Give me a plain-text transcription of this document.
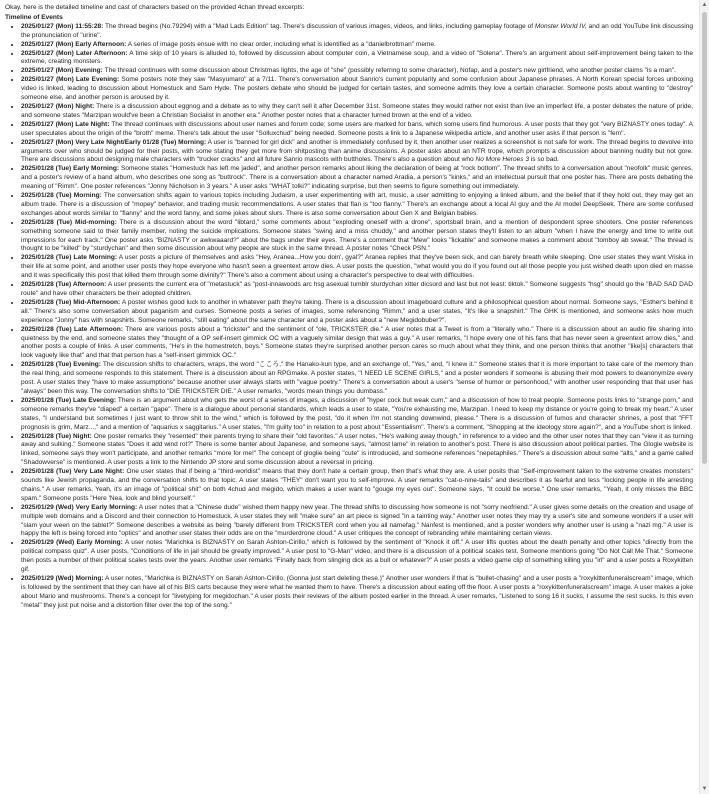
Okay, here is the detailed timeline and cast of characters based on the provided 4chan thread excerpts:

Timeline of Events

• 2025/01/27 (Mon) 11:55:28: The thread begins (No.79294) with a "Mad Lads Edition" tag. There's discussion of various images, videos, and links, including gameplay footage of Monster World IV, and an odd YouTube link discussing the pronunciation of "urine".
• 2025/01/27 (Mon) Early Afternoon: A series of image posts ensue with no clear order, including what is identified as a "danielbrottman" meme.
• 2025/01/27 (Mon) Later Afternoon: A time skip of 10 years is alluded to, followed by discussion about computer coin, a Vietnamese soup, and a video of "Solena". There's an argument about self-improvement being taken to the extreme, creating monsters.
• 2025/01/27 (Mon) Evening: The thread continues with some discussion about Christmas lights, the age of "she" (possibly referring to some character), Nofap, and a poster's new girlfriend, who another poster claims "is a man".
• 2025/01/27 (Mon) Late Evening: Some posters note they saw "Masyumaro" at a 7/11. There's conversation about Sanrio's current popularity and some confusion about Japanese phrases. A North Korean special forces unboxing video is linked, leading to discussion about Homestuck and Sam Hyde. The posters debate who should be judged for certain tastes, and someone admits they love a certain character. Someone posts about wanting to "destroy" someone else, and another person is aroused by it.
• 2025/01/27 (Mon) Night: There is a discussion about eggnog and a debate as to why they can't sell it after December 31st. Someone states they would rather not exist than live an imperfect life, a poster debates the nature of pride, and someone states "Marzipan would've been a Christian Socialist in another era." Another poster notes that a character turned brown at the end of a video.
• 2025/01/27 (Mon) Late Night: The thread continues with discussions about user names and forum code; some users are marked for bans, which some users find humorous. A user posts that they got "very BIZNASTY ones today". A user speculates about the origin of the "broth" meme. There's talk about the user "Solluxchud" being needed. Someone posts a link to a Japanese wikipedia article, and another user asks if that person is "fem".
• 2025/01/27 (Mon) Very Late Night/Early 01/28 (Tue) Morning: A user is "banned for girl dick" and another is immediately confused by it, then another user realizes a screenshot is not safe for work. The thread begins to devolve into arguments over who should be judged for their posts, with some stating they get more from shitposting than anime discussions. A poster asks about an NTR trope, which prompts a discussion about banning nudity but not gore. There are discussions about designing male characters with "trucker cracks" and all future Sanrio mascots with buttholes. There's also a question about who No More Heroes 3 is so bad.
• 2025/01/28 (Tue) Early Morning: Someone states "Homestuck has left me jaded", and another person remarks about liking the declaration of being at "rock bottom". The thread shifts to a conversation about "neofolk" music genres, and a poster's review of a band album, who describes one song as "buttrock". There is a conversation about a character named Aradia, a person's "kinks," and an intellectual pursuit that one poster has. There are posts debating the meaning of "Rimm". One poster references "Jonny Nicholson in 3 years." A user asks "WHAT tolki?" indicating surprise, but then seems to figure something out immediately.
• 2025/01/28 (Tue) Morning: The conversation shifts again to various topics including Judaism, a user experimenting with art, music, a user admitting to enjoying a linked album, and the belief that if they hold out, they may get an album trade. There is a discussion of "mopey" behavior, and trading music recommendations. A user states that flan is "too flanny." There's an exchange about a local AI guy and the AI model DeepSeek. There are some confused exchanges about words similar to "flanny" and the word fanny, and some jokes about slurs. There is also some conversation about Gen X and Belgian babies.
• 2025/01/28 (Tue) Mid-morning: There is a discussion about the word "libtard," some comments about "exploding oneself with a drone", sportsball brain, and a mention of despondent spree shooters. One poster references something someone said to their family member, noting the suicide implications. Someone states "swing and a miss chuddy," and another person states they'll listen to an album "when I have the energy and time to write out impressions for each track." One poster asks "BIZNASTY or awkwaaard?" about the bags under their eyes. There's a comment that "Mew" looks "lickable" and someone makes a comment about "tomboy ab sweat." The thread is thought to be "killed" by "sturdychan" and then some discussion about why people are stuck in the same thread. A poster notes "Check PSN."
• 2025/01/28 (Tue) Late Morning: A user posts a picture of themselves and asks "Hey, Aranea...How you doin', gyal?" Aranea replies that they've been sick, and can barely breath while sleeping. One user states they want Vriska in their life at some point, and another user posts they hope everyone who hasn't seen a greentext arrow dies. A user posts the question, "what would you do if you found out all those people you just wished death upon died en masse and it was specifically this post that killed them through some divinity?" There's also a comment about using a character's perspective to deal with difficulties.
• 2025/01/28 (Tue) Afternoon: A user presents the current era of "metastuck" as "post-innawoods arc hsg asexual tumblr sturdychan xitter dicsord and last but not least: tiktok." Someone suggests "hsg" should go the "BAD SAD DAD route" and have other characters be their adopted children.
• 2025/01/28 (Tue) Mid-Afternoon: A poster wishes good luck to another in whatever path they're taking. There is a discussion about imageboard culture and a philosophical question about normal. Someone says, "Esther's behind it all." There's also some conversation about paganism and curses. Someone posts a series of images, some referencing "Rimm," and a user states, "It's like a snapshirt." The GHK is mentioned, and someone asks how much experience "Jonny" has with snapshirts. Someone remarks, "still eating" about the same character and a poster asks about a "new Megidobuber?".
• 2025/01/28 (Tue) Late Afternoon: There are various posts about a "trickster" and the sentiment of "ole, TRICKSTER die." A user notes that a Tweet is from a "literally who." There is a discussion about an audio file sharing into quietness by the end, and someone states they "thought of a OP self-insert gimmick OC with a vaguely similar design that was a guy." A user remarks, "I hope every one of his fans that has never seen a greentext arrow dies," and another posts a couple of links. A user comments, "He's in the homestretch, boys." Someone states they're surprised another person cares so much about what they think, and one person thinks that another "like[s] characters that look vaguely like that" and that that person has a "self-insert gimmick OC."
• 2025/01/28 (Tue) Evening: The discussion shifts to characters, wraps, the word "こころ," the Hanako-kun type, and an exchange of, "Yes," and, "I knew it." Someone states that it is more important to take care of the memory than the real thing, and someone responds to this statement. There is a discussion about an RPGmake. A poster states, "I NEED LE SCENE GIRLS," and a poster wonders if someone is abusing their mod powers to deanonymize every post. A user states they "have to make assumptions" because another user always starts with "vague poetry." There's a conversation about a user's "sense of humor or personhood," with another user responding that that user has "always" been this way. The conversation shifts to "DIE TRICKSTER DIE." A user remarks, "words mean things you dumbass."
• 2025/01/28 (Tue) Late Evening: There is an argument about who gets the worst of a series of images, a discussion of "hyper cock but weak cum," and a discussion of how to treat people. Someone posts links to "strange porn," and someone remarks they've "diaped" a certain "gape". There is a dialogue about personal standards, which leads a user to state, "You're exhausting me, Marzipan. I need to keep my distance or you're going to break my heart." A user states, "I understand but sometimes I just want to throw shit to the wind," which is followed by the post, "do it when I'm not standing downwind, please." There is a discussion of fumos and character shrines, a post that "FFT prognosis is grim, Marz...," and a mention of "aquarius x saggitarius." A user states, "I'm guilty too" in relation to a post about "Essentialism". There's a comment, "Shopping at the ideology store again?", and a YouTube short is linked.
• 2025/01/28 (Tue) Night: One poster remarks they "resented" their parents trying to share their "old favorites." A user notes, "He's walking away though," in reference to a video and the other user notes that they can "view it as turning away and sulking." Someone states "Does it add wind rot?" There is some banter about Japanese, and someone says, "almost lame" in relation to another's post. There is also discussion about political parties. The Glogle website is linked, someone says they won't participate, and another remarks "more for me!" The concept of gloglie being "cute" is introduced, and someone references "nepetaphiles." There's a discussion about some "alts," and a game called "Shadowverse" is mentioned. A user posts a link to the Nintendo JP store and some discussion about a reversal in pricing.
• 2025/01/28 (Tue) Very Late Night: One user states that if being a "third-worldist" means that they don't hate a certain group, then that's what they are. A user posits that "Self-improvement taken to the extreme creates monsters" sounds like Jewish propaganda, and the conversation shifts to that topic. A user states "THEY" don't want you to self-improve. A user remarks "cat-o-nine-tails" and describes it as fearful and less "locking people in life arresting chains." A user remarks, Yeah, it's an image of "political shit" on both 4chud and megido, which makes a user want to "gouge my eyes out". Someone says, "It could be worse." One user remarks, "Yeah, it only misses the BBC spam." Someone posts "Here 'Nea, look and blind yourself."
• 2025/01/29 (Wed) Very Early Morning: A user notes that a "Chinese dude" wished them happy new year. The thread shifts to discussing how someone is not "sorry neofriend." A user gives some details on the creation and usage of multiple web domains and a Discord and their connection to Homestuck. A user states they will "make sure" an art piece is signed "in a tainting way." Another user notes they may try a user's site and someone wonders if a user will "slam your ween on the tablet?" Someone describes a website as being "barely different from TRICKSTER cord when you all namefag." Nanfest is mentioned, and a poster wonders why another user is using a "nazi mg." A user is happy the left is being forced into "optics" and another user states their odds are on the "murderdrone cloud." A user critiques the concept of rebranding while maintaining certain views.
• 2025/01/29 (Wed) Early Morning: A user notes "Marichka is BIZNASTY on Sarah Ashton-Cirillo," which is followed by the sentiment of "Knock it off." A user lifts quotes about the death penalty and other topics "directly from the political compass quiz". A user posts, "Conditions of life in jail should be greatly improved." A user post to "G-Man" video, and there is a discussion of a political scales test. Someone mentions going "Do Not Call Me That." Someone then posts a number of their political scales tests over the years. Another user remarks "Finally back from slinging dick as a bull or whatever?" A user posts a video game clip of something killing you "irl" and a user posts a Roxykitten gif.
• 2025/01/29 (Wed) Morning: A user notes, "Marichka is BIZNASTY on Sarah Ashton-Cirillo, (Gonna just start deleting these.)" Another user wonders if that is "bullet-chasing" and a user posts a "roxykittenfuneralscream" image, which is followed by the sentiment that they can have all of his BIS carts because they were what he wanted them to have. There's a discussion about eating off the floor. A user posts a "roxykittenfuneralscream" image. A user makes a joke about Mario and mushrooms. There's a concept for "livetyping for megidochan." A user posts their reviews of the album posted earlier in the thread. A user remarks, "Listened to song 16 it sucks, I assume the rest sucks. Is this even "metal" they just put noise and a distortion filter over the top of the song."
▲
▼
